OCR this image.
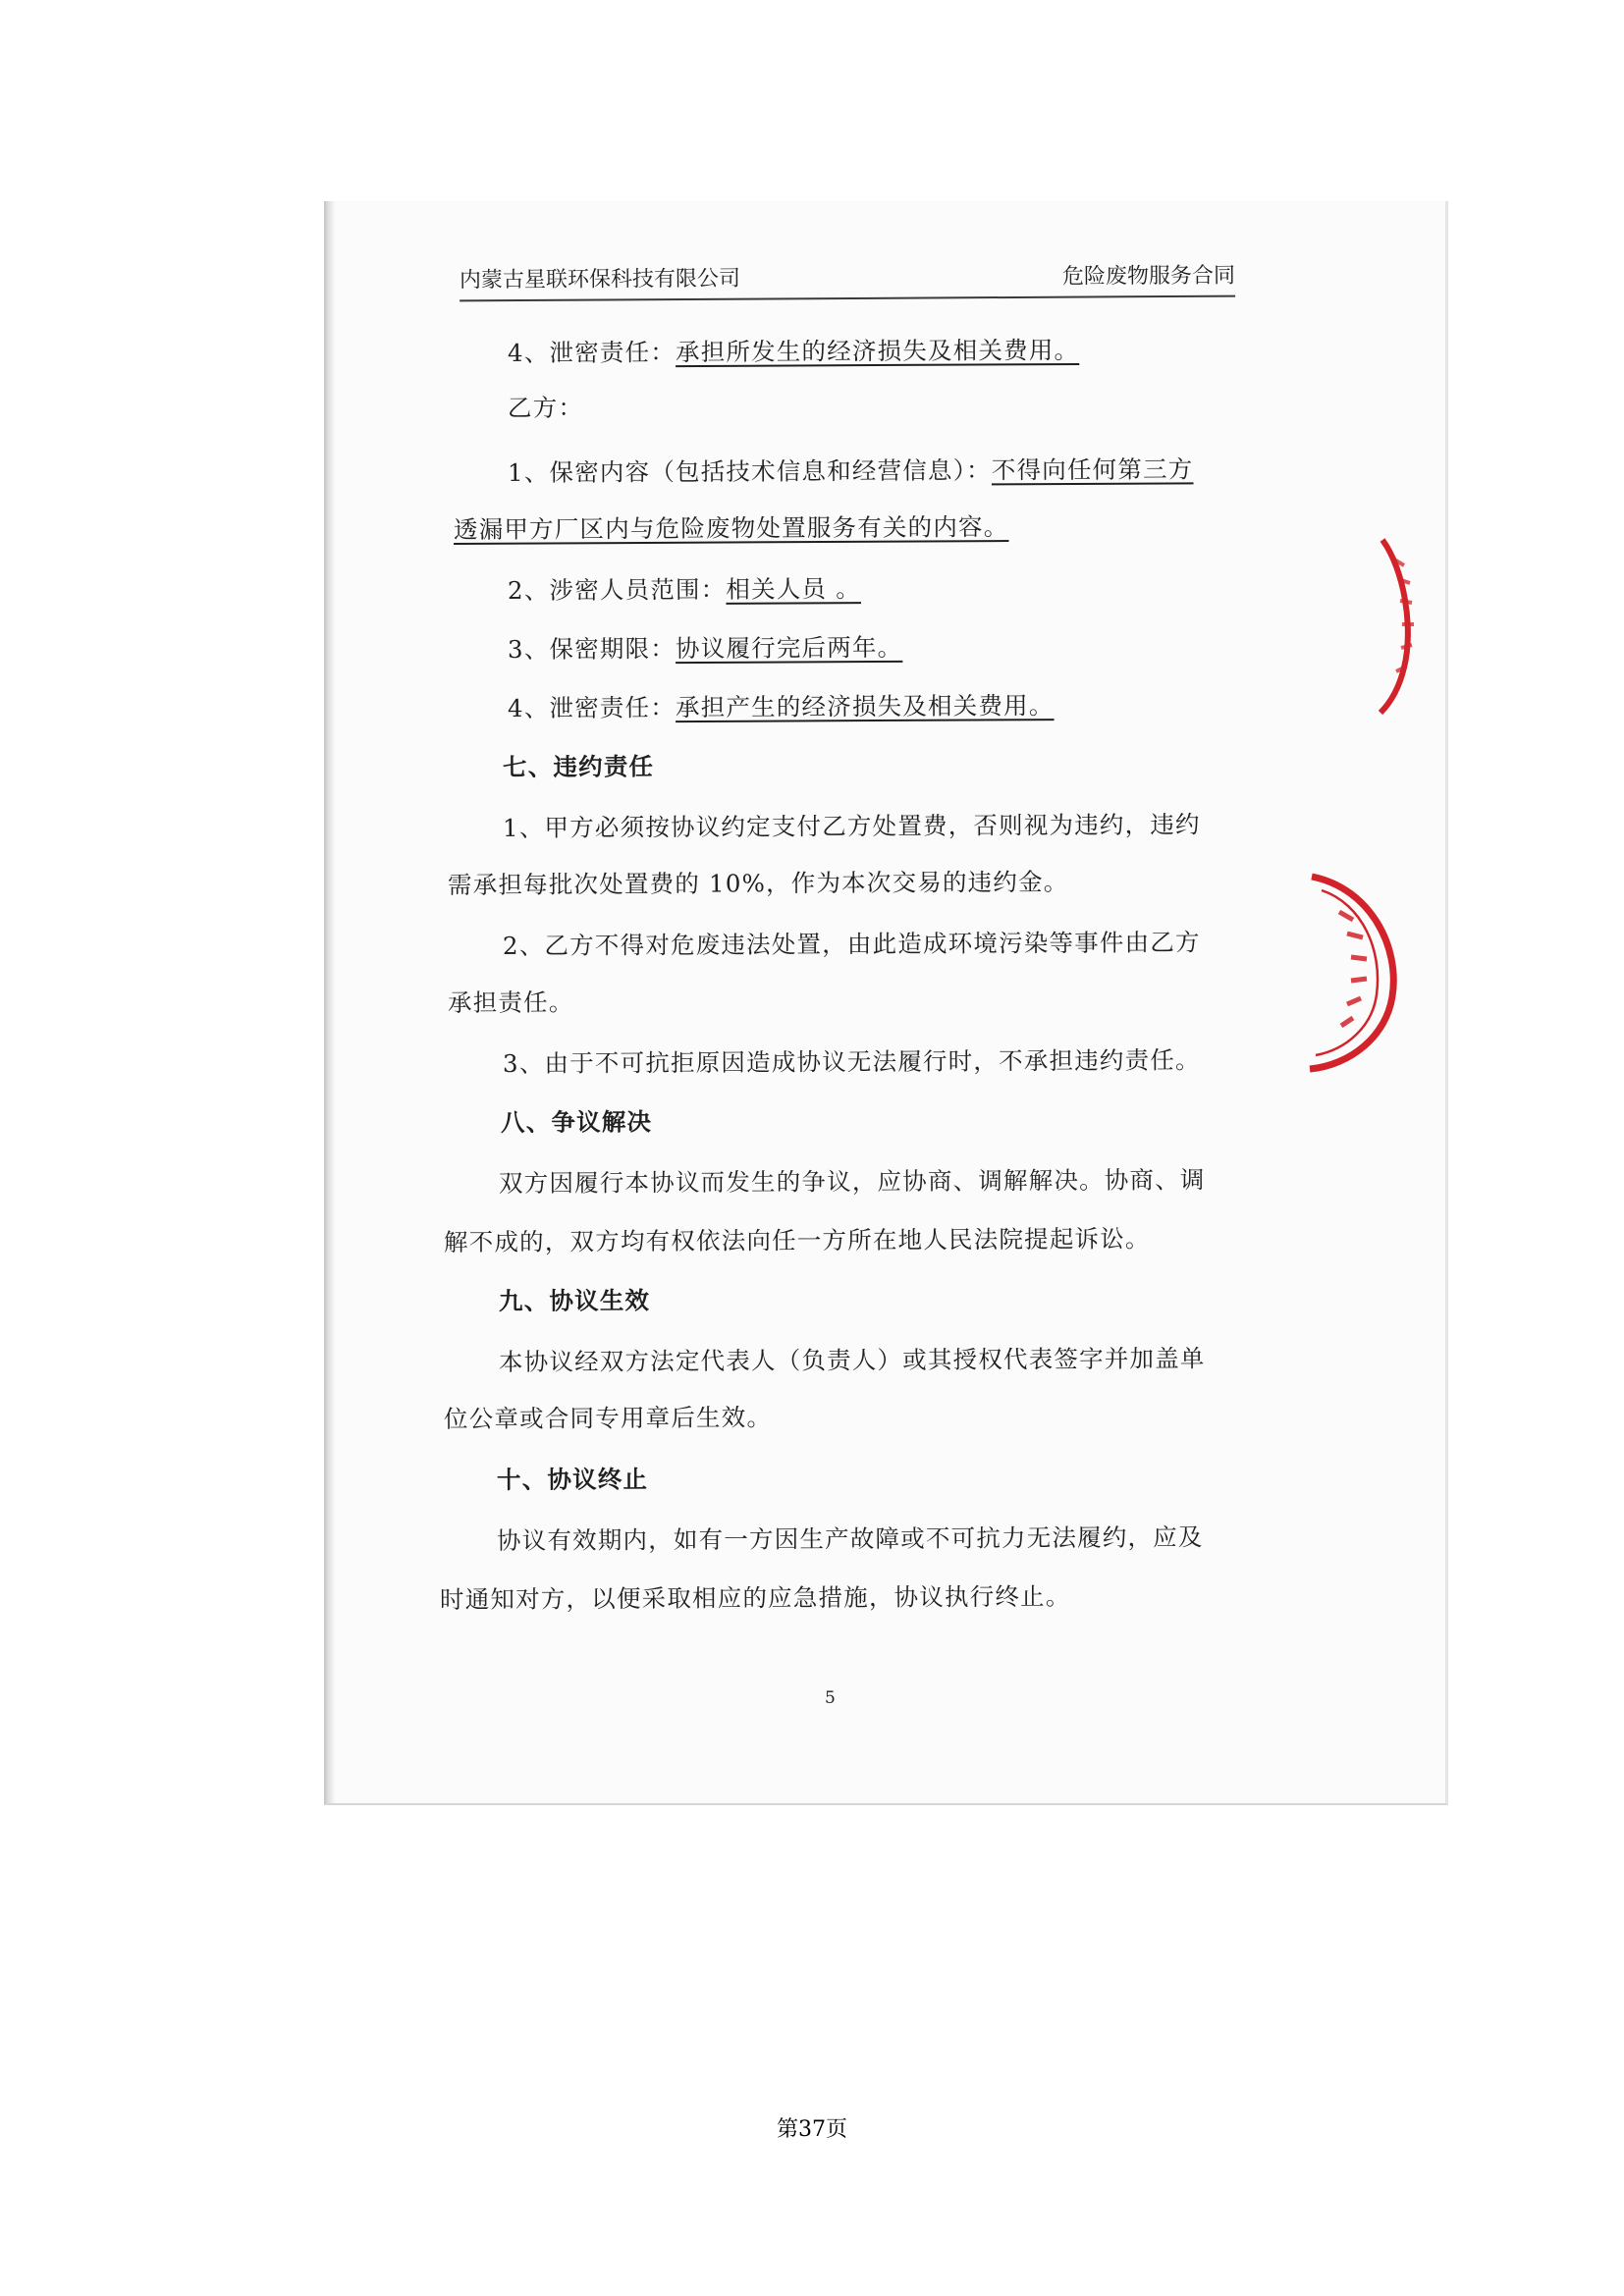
内蒙古星联环保科技有限公司	危险废物服务合同
4、泄密责任：承担所发生的经济损失及相关费用。
乙方：
1、保密内容（包括技术信息和经营信息）：不得向任何第三方
透漏甲方厂区内与危险废物处置服务有关的内容。
2、涉密人员范围：相关人员 。
3、保密期限：协议履行完后两年。
4、泄密责任：承担产生的经济损失及相关费用。
七、违约责任
1、甲方必须按协议约定支付乙方处置费，否则视为违约，违约
需承担每批次处置费的 10%，作为本次交易的违约金。
2、乙方不得对危废违法处置，由此造成环境污染等事件由乙方
承担责任。
3、由于不可抗拒原因造成协议无法履行时，不承担违约责任。
八、争议解决
双方因履行本协议而发生的争议，应协商、调解解决。协商、调
解不成的，双方均有权依法向任一方所在地人民法院提起诉讼。
九、协议生效
本协议经双方法定代表人（负责人）或其授权代表签字并加盖单
位公章或合同专用章后生效。
十、协议终止
协议有效期内，如有一方因生产故障或不可抗力无法履约，应及
时通知对方，以便采取相应的应急措施，协议执行终止。
5
第37页
